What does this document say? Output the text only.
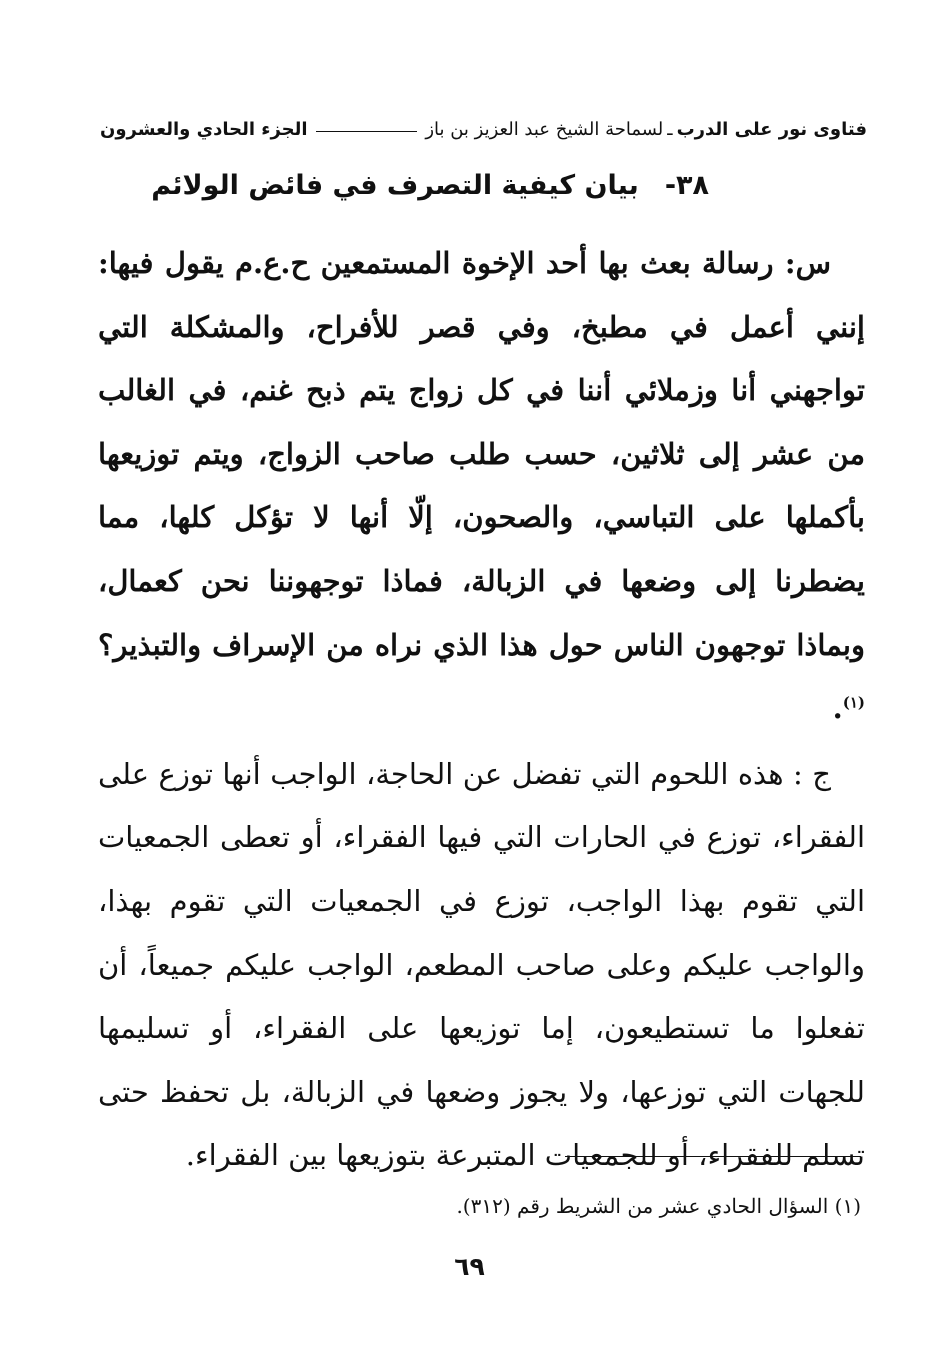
فتاوى نور على الدرب
ـ
لسماحة الشيخ عبد العزيز بن باز
الجزء الحادي والعشرون
٣٨-
بيان كيفية التصرف في فائض الولائم

س: رسالة بعث بها أحد الإخوة المستمعين ح.ع.م يقول فيها: إنني أعمل في مطبخ، وفي قصر للأفراح، والمشكلة التي تواجهني أنا وزملائي أننا في كل زواج يتم ذبح غنم، في الغالب من عشر إلى ثلاثين، حسب طلب صاحب الزواج، ويتم توزيعها بأكملها على التباسي، والصحون، إلّا أنها لا تؤكل كلها، مما يضطرنا إلى وضعها في الزبالة، فماذا توجهوننا نحن كعمال، وبماذا توجهون الناس حول هذا الذي نراه من الإسراف والتبذير؟$^{(١)}$.

ج : هذه اللحوم التي تفضل عن الحاجة، الواجب أنها توزع على الفقراء، توزع في الحارات التي فيها الفقراء، أو تعطى الجمعيات التي تقوم بهذا الواجب، توزع في الجمعيات التي تقوم بهذا، والواجب عليكم وعلى صاحب المطعم، الواجب عليكم جميعاً، أن تفعلوا ما تستطيعون، إما توزيعها على الفقراء، أو تسليمها للجهات التي توزعها، ولا يجوز وضعها في الزبالة، بل تحفظ حتى تسلم للفقراء، أو للجمعيات المتبرعة بتوزيعها بين الفقراء.

(١) السؤال الحادي عشر من الشريط رقم (٣١٢).
٦٩
